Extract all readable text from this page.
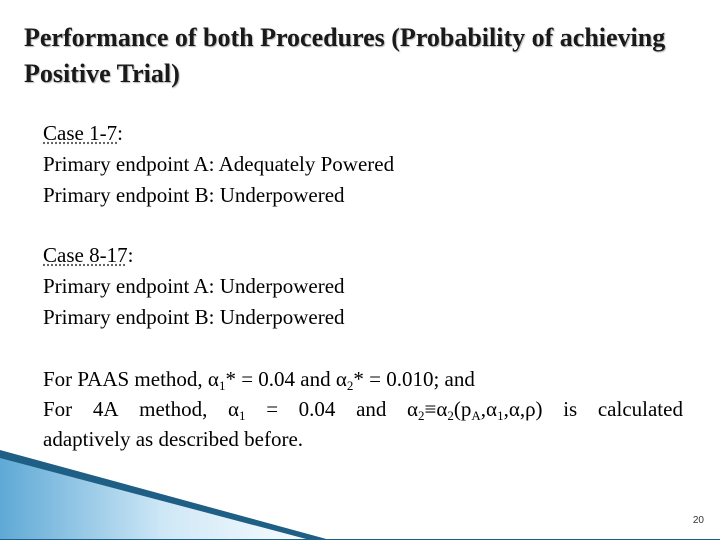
Performance of both Procedures (Probability of achieving Positive Trial)
Case 1-7:
Primary endpoint A: Adequately Powered
Primary endpoint B: Underpowered
Case 8-17:
Primary endpoint A: Underpowered
Primary endpoint B: Underpowered
For PAAS method, $\alpha_1* = 0.04$ and $\alpha_2* = 0.010$; and
For 4A method, $\alpha_1 = 0.04$ and $\alpha_2\equiv\alpha_2(p_A,\alpha_1,\alpha,\rho)$ is calculated
adaptively as described before.
20
